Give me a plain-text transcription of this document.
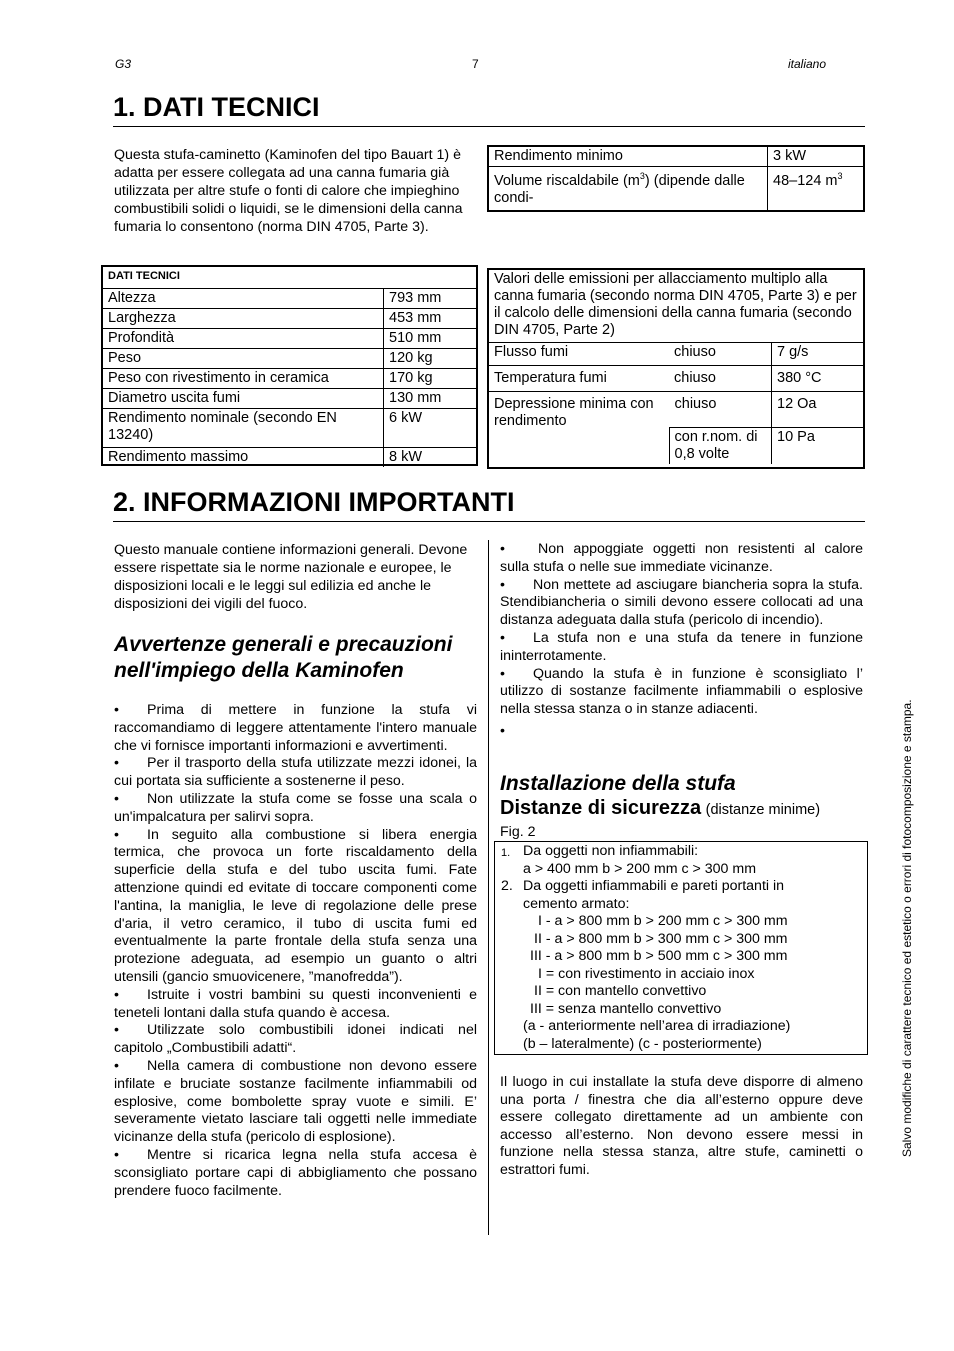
G3	7	italiano
1. DATI TECNICI
Questa stufa-caminetto (Kaminofen del tipo Bauart 1) è adatta per essere collegata ad una canna fumaria già utilizzata per altre stufe o fonti di calore che impieghino combustibili solidi o liquidi, se le dimensioni della canna fumaria lo consentono (norma DIN 4705, Parte 3).
Rendimento minimo	3 kW
Volume riscaldabile $(m^3)$ (dipende dalle condi-	48–124 $m^3$
DATI TECNICI	
Altezza	793 mm
Larghezza	453 mm
Profondità	510 mm
Peso	120 kg
Peso con rivestimento in ceramica	170 kg
Diametro uscita fumi	130 mm
Rendimento nominale (secondo EN 13240)	6 kW
Rendimento massimo	8 kW
Valori delle emissioni per allacciamento multiplo alla canna fumaria (secondo norma DIN 4705, Parte 3) e per il calcolo delle dimensioni della canna fumaria (secondo DIN 4705, Parte 2)		
Flusso fumi	chiuso	7 g/s
Temperatura fumi	chiuso	380 °C
Depressione minima con rendimento	chiuso	12 Oa
	con r.nom. di 0,8 volte	10 Pa
2. INFORMAZIONI IMPORTANTI
Questo manuale contiene informazioni generali. Devone essere rispettate sia le norme nazionale e europee, le disposizioni locali e le leggi sul edilizia ed anche le disposizioni dei vigili del fuoco.
Avvertenze generali e precauzioni nell'impiego della Kaminofen
• Prima di mettere in funzione la stufa vi raccomandiamo di leggere attentamente l'intero manuale che vi fornisce importanti informazioni e avvertimenti.
• Per il trasporto della stufa utilizzate mezzi idonei, la cui portata sia sufficiente a sostenerne il peso.
• Non utilizzate la stufa come se fosse una scala o un'impalcatura per salirvi sopra.
• In seguito alla combustione si libera energia termica, che provoca un forte riscaldamento della superficie della stufa e del tubo uscita fumi. Fate attenzione quindi ed evitate di toccare componenti come l'antina, la maniglia, le leve di regolazione delle prese d'aria, il vetro ceramico, il tubo di uscita fumi ed eventualmente la parte frontale della stufa senza una protezione adeguata, ad esempio un guanto o altri utensili (gancio smuovicenere, ”manofredda”).
• Istruite i vostri bambini su questi inconvenienti e teneteli lontani dalla stufa quando è accesa.
• Utilizzate solo combustibili idonei indicati nel capitolo „Combustibili adatti“.
• Nella camera di combustione non devono essere infilate e bruciate sostanze facilmente infiammabili od esplosive, come bombolette spray vuote e simili. E’ severamente vietato lasciare tali oggetti nelle immediate vicinanze della stufa (pericolo di esplosione).
• Mentre si ricarica legna nella stufa accesa è sconsigliato portare capi di abbigliamento che possano prendere fuoco facilmente.
• Non appoggiate oggetti non resistenti al calore sulla stufa o nelle sue immediate vicinanze.
• Non mettete ad asciugare biancheria sopra la stufa. Stendibiancheria o simili devono essere collocati ad una distanza adeguata dalla stufa (pericolo di incendio).
• La stufa non e una stufa da tenere in funzione ininterrotamente.
• Quando la stufa è in funzione è sconsigliato l’ utilizzo di sostanze facilmente infiammabili o esplosive nella stessa stanza o in stanze adiacenti.
•
Installazione della stufa
Distanze di sicurezza (distanze minime)
Fig. 2
1. Da oggetti non infiammabili:
a > 400 mm b > 200 mm c > 300 mm
2. Da oggetti infiammabili e pareti portanti in
cemento armato:
I - a > 800 mm b > 200 mm c > 300 mm
II - a > 800 mm b > 300 mm c > 300 mm
III - a > 800 mm b > 500 mm c > 300 mm
I = con rivestimento in acciaio inox
II = con mantello convettivo
III = senza mantello convettivo
(a - anteriormente nell’area di irradiazione)
(b – lateralmente) (c - posteriormente)
Il luogo in cui installate la stufa deve disporre di almeno una porta / finestra che dia all’esterno oppure deve essere collegato direttamente ad un ambiente con accesso all’esterno. Non devono essere messi in funzione nella stessa stanza, altre stufe, caminetti o estrattori fumi.
Salvo modifiche di carattere tecnico ed estetico o errori di fotocomposizione e stampa.
